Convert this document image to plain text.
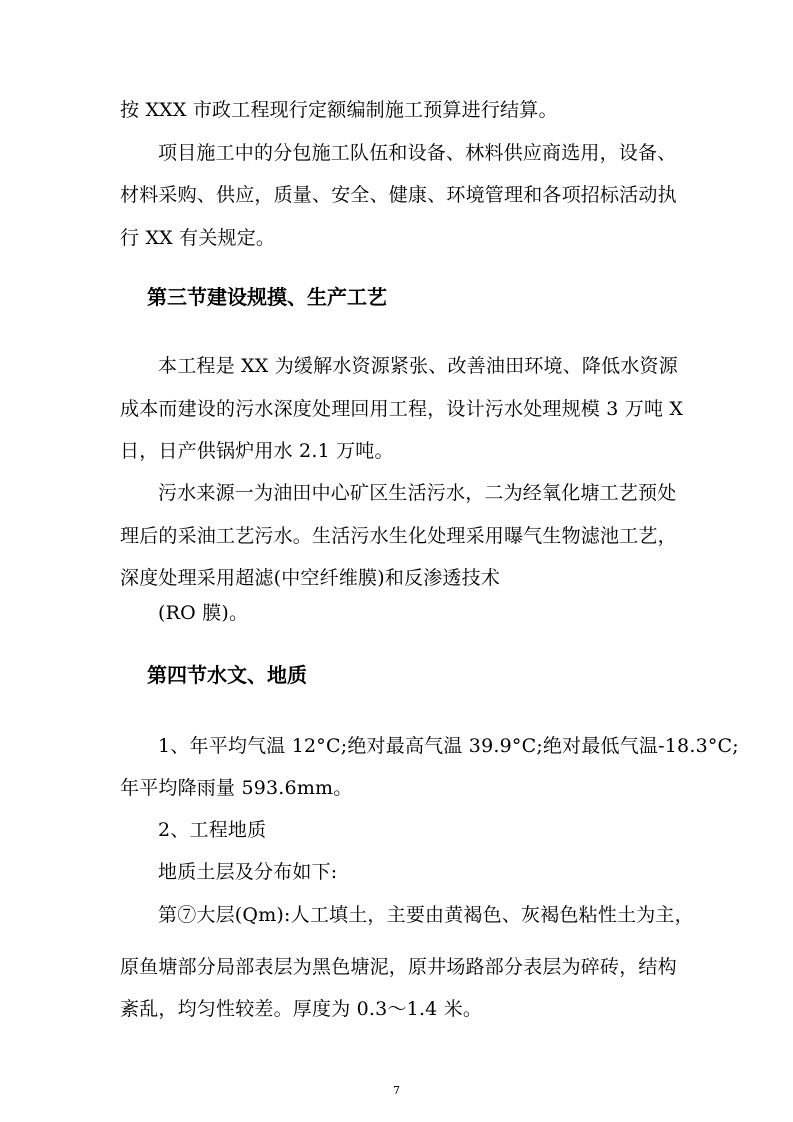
按 XXX 市政工程现行定额编制施工预算进行结算。
项目施工中的分包施工队伍和设备、林料供应商选用，设备、
材料采购、供应，质量、安全、健康、环境管理和各项招标活动执
行 XX 有关规定。
第三节建设规摸、生产工艺
本工程是 XX 为缓解水资源紧张、改善油田环境、降低水资源
成本而建设的污水深度处理回用工程，设计污水处理规模 3 万吨 X
日，日产供锅炉用水 2.1 万吨。
污水来源一为油田中心矿区生活污水，二为经氧化塘工艺预处
理后的采油工艺污水。生活污水生化处理采用曝气生物滤池工艺，
深度处理采用超滤(中空纤维膜)和反渗透技术
(RO 膜)。
第四节水文、地质
1、年平均气温 12°C;绝对最高气温 39.9°C;绝对最低气温-18.3°C;
年平均降雨量 593.6mm。
2、工程地质
地质土层及分布如下:
第⑦大层(Qm):人工填土，主要由黄褐色、灰褐色粘性土为主，
原鱼塘部分局部表层为黑色塘泥，原井场路部分表层为碎砖，结构
紊乱，均匀性较差。厚度为 0.3～1.4 米。
7
